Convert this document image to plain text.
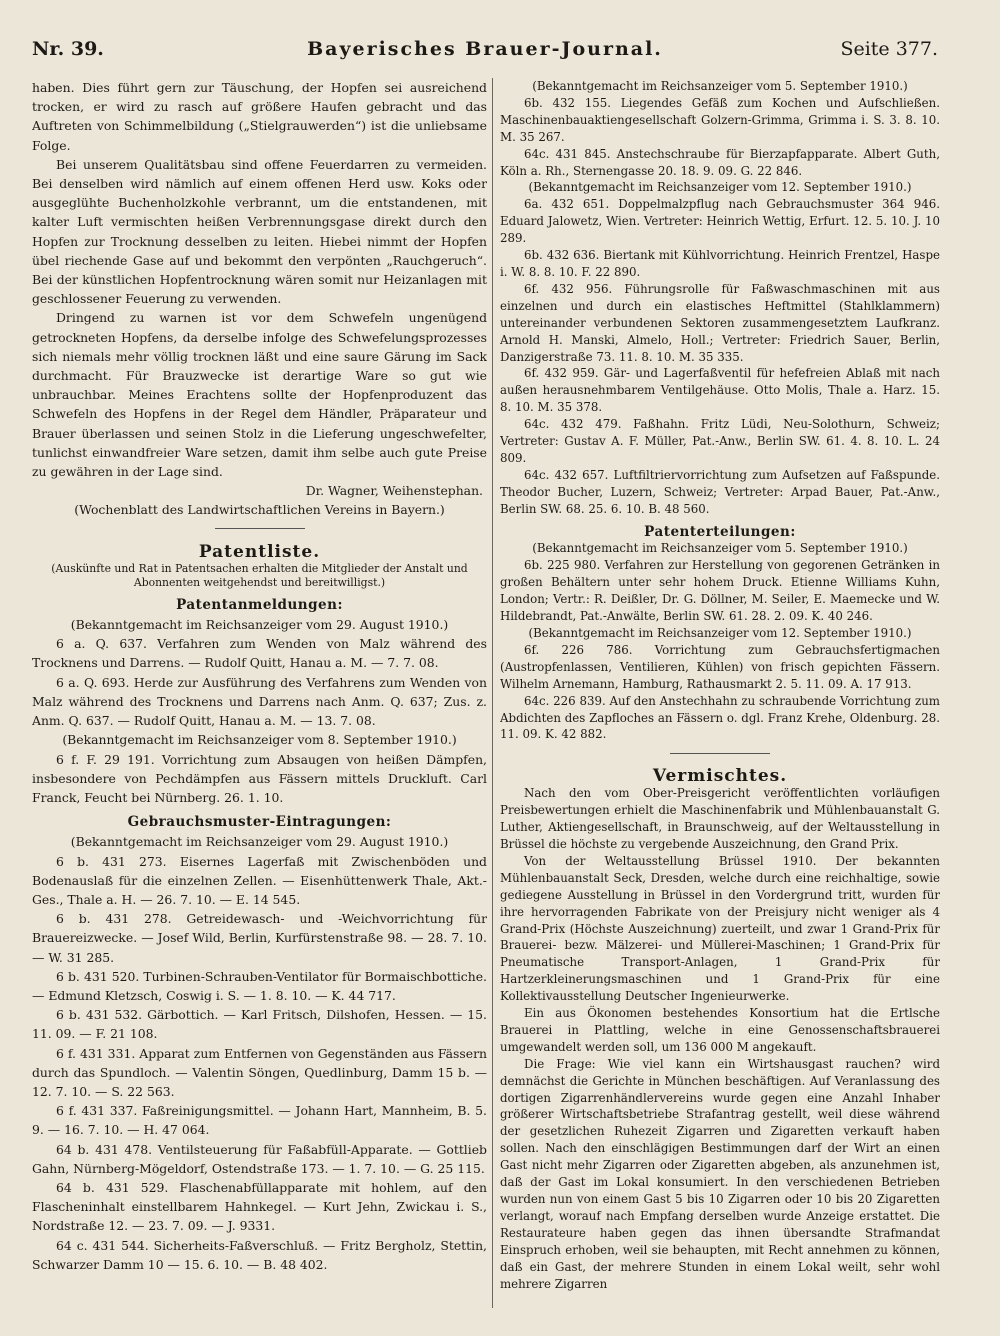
Nr. 39.	Bayerisches Brauer-Journal.	Seite 377.

haben. Dies führt gern zur Täuschung, der Hopfen sei ausreichend trocken, er wird zu rasch auf größere Haufen gebracht und das Auftreten von Schimmelbildung („Stielgrauwerden“) ist die unliebsame Folge.

Bei unserem Qualitätsbau sind offene Feuerdarren zu vermeiden. Bei denselben wird nämlich auf einem offenen Herd usw. Koks oder ausgeglühte Buchenholzkohle verbrannt, um die entstandenen, mit kalter Luft vermischten heißen Verbrennungsgase direkt durch den Hopfen zur Trocknung desselben zu leiten. Hiebei nimmt der Hopfen übel riechende Gase auf und bekommt den verpönten „Rauchgeruch“. Bei der künstlichen Hopfentrocknung wären somit nur Heizanlagen mit geschlossener Feuerung zu verwenden.

Dringend zu warnen ist vor dem Schwefeln ungenügend getrockneten Hopfens, da derselbe infolge des Schwefelungsprozesses sich niemals mehr völlig trocknen läßt und eine saure Gärung im Sack durchmacht. Für Brauzwecke ist derartige Ware so gut wie unbrauchbar. Meines Erachtens sollte der Hopfenproduzent das Schwefeln des Hopfens in der Regel dem Händler, Präparateur und Brauer überlassen und seinen Stolz in die Lieferung ungeschwefelter, tunlichst einwandfreier Ware setzen, damit ihm selbe auch gute Preise zu gewähren in der Lage sind.

Dr. Wagner, Weihenstephan.

(Wochenblatt des Landwirtschaftlichen Vereins in Bayern.)

Patentliste.

(Auskünfte und Rat in Patentsachen erhalten die Mitglieder der Anstalt und Abonnenten weitgehendst und bereitwilligst.)

Patentanmeldungen:

(Bekanntgemacht im Reichsanzeiger vom 29. August 1910.)

6 a. Q. 637. Verfahren zum Wenden von Malz während des Trocknens und Darrens. — Rudolf Quitt, Hanau a. M. — 7. 7. 08.

6 a. Q. 693. Herde zur Ausführung des Verfahrens zum Wenden von Malz während des Trocknens und Darrens nach Anm. Q. 637; Zus. z. Anm. Q. 637. — Rudolf Quitt, Hanau a. M. — 13. 7. 08.

(Bekanntgemacht im Reichsanzeiger vom 8. September 1910.)

6 f. F. 29 191. Vorrichtung zum Absaugen von heißen Dämpfen, insbesondere von Pechdämpfen aus Fässern mittels Druckluft. Carl Franck, Feucht bei Nürnberg. 26. 1. 10.

Gebrauchsmuster-Eintragungen:

(Bekanntgemacht im Reichsanzeiger vom 29. August 1910.)

6 b. 431 273. Eisernes Lagerfaß mit Zwischenböden und Bodenauslaß für die einzelnen Zellen. — Eisenhüttenwerk Thale, Akt.-Ges., Thale a. H. — 26. 7. 10. — E. 14 545.

6 b. 431 278. Getreidewasch- und -Weichvorrichtung für Brauereizwecke. — Josef Wild, Berlin, Kurfürstenstraße 98. — 28. 7. 10. — W. 31 285.

6 b. 431 520. Turbinen-Schrauben-Ventilator für Bormaischbottiche. — Edmund Kletzsch, Coswig i. S. — 1. 8. 10. — K. 44 717.

6 b. 431 532. Gärbottich. — Karl Fritsch, Dilshofen, Hessen. — 15. 11. 09. — F. 21 108.

6 f. 431 331. Apparat zum Entfernen von Gegenständen aus Fässern durch das Spundloch. — Valentin Söngen, Quedlinburg, Damm 15 b. — 12. 7. 10. — S. 22 563.

6 f. 431 337. Faßreinigungsmittel. — Johann Hart, Mannheim, B. 5. 9. — 16. 7. 10. — H. 47 064.

64 b. 431 478. Ventilsteuerung für Faßabfüll-Apparate. — Gottlieb Gahn, Nürnberg-Mögeldorf, Ostendstraße 173. — 1. 7. 10. — G. 25 115.

64 b. 431 529. Flaschenabfüllapparate mit hohlem, auf den Flascheninhalt einstellbarem Hahnkegel. — Kurt Jehn, Zwickau i. S., Nordstraße 12. — 23. 7. 09. — J. 9331.

64 c. 431 544. Sicherheits-Faßverschluß. — Fritz Bergholz, Stettin, Schwarzer Damm 10 — 15. 6. 10. — B. 48 402.

(Bekanntgemacht im Reichsanzeiger vom 5. September 1910.)

6b. 432 155. Liegendes Gefäß zum Kochen und Aufschließen. Maschinenbauaktiengesellschaft Golzern-Grimma, Grimma i. S. 3. 8. 10. M. 35 267.

64c. 431 845. Anstechschraube für Bierzapfapparate. Albert Guth, Köln a. Rh., Sternengasse 20. 18. 9. 09. G. 22 846.

(Bekanntgemacht im Reichsanzeiger vom 12. September 1910.)

6a. 432 651. Doppelmalzpflug nach Gebrauchsmuster 364 946. Eduard Jalowetz, Wien. Vertreter: Heinrich Wettig, Erfurt. 12. 5. 10. J. 10 289.

6b. 432 636. Biertank mit Kühlvorrichtung. Heinrich Frentzel, Haspe i. W. 8. 8. 10. F. 22 890.

6f. 432 956. Führungsrolle für Faßwaschmaschinen mit aus einzelnen und durch ein elastisches Heftmittel (Stahlklammern) untereinander verbundenen Sektoren zusammengesetztem Laufkranz. Arnold H. Manski, Almelo, Holl.; Vertreter: Friedrich Sauer, Berlin, Danzigerstraße 73. 11. 8. 10. M. 35 335.

6f. 432 959. Gär- und Lagerfaßventil für hefefreien Ablaß mit nach außen herausnehmbarem Ventilgehäuse. Otto Molis, Thale a. Harz. 15. 8. 10. M. 35 378.

64c. 432 479. Faßhahn. Fritz Lüdi, Neu-Solothurn, Schweiz; Vertreter: Gustav A. F. Müller, Pat.-Anw., Berlin SW. 61. 4. 8. 10. L. 24 809.

64c. 432 657. Luftfiltriervorrichtung zum Aufsetzen auf Faßspunde. Theodor Bucher, Luzern, Schweiz; Vertreter: Arpad Bauer, Pat.-Anw., Berlin SW. 68. 25. 6. 10. B. 48 560.

Patenterteilungen:

(Bekanntgemacht im Reichsanzeiger vom 5. September 1910.)

6b. 225 980. Verfahren zur Herstellung von gegorenen Getränken in großen Behältern unter sehr hohem Druck. Etienne Williams Kuhn, London; Vertr.: R. Deißler, Dr. G. Döllner, M. Seiler, E. Maemecke und W. Hildebrandt, Pat.-Anwälte, Berlin SW. 61. 28. 2. 09. K. 40 246.

(Bekanntgemacht im Reichsanzeiger vom 12. September 1910.)

6f. 226 786. Vorrichtung zum Gebrauchsfertigmachen (Austropfenlassen, Ventilieren, Kühlen) von frisch gepichten Fässern. Wilhelm Arnemann, Hamburg, Rathausmarkt 2. 5. 11. 09. A. 17 913.

64c. 226 839. Auf den Anstechhahn zu schraubende Vorrichtung zum Abdichten des Zapfloches an Fässern o. dgl. Franz Krehe, Oldenburg. 28. 11. 09. K. 42 882.

Vermischtes.

Nach den vom Ober-Preisgericht veröffentlichten vorläufigen Preisbewertungen erhielt die Maschinenfabrik und Mühlenbauanstalt G. Luther, Aktiengesellschaft, in Braunschweig, auf der Weltausstellung in Brüssel die höchste zu vergebende Auszeichnung, den Grand Prix.

Von der Weltausstellung Brüssel 1910. Der bekannten Mühlenbauanstalt Seck, Dresden, welche durch eine reichhaltige, sowie gediegene Ausstellung in Brüssel in den Vordergrund tritt, wurden für ihre hervorragenden Fabrikate von der Preisjury nicht weniger als 4 Grand-Prix (Höchste Auszeichnung) zuerteilt, und zwar 1 Grand-Prix für Brauerei- bezw. Mälzerei- und Müllerei-Maschinen; 1 Grand-Prix für Pneumatische Transport-Anlagen, 1 Grand-Prix für Hartzerkleinerungsmaschinen und 1 Grand-Prix für eine Kollektivausstellung Deutscher Ingenieurwerke.

Ein aus Ökonomen bestehendes Konsortium hat die Ertlsche Brauerei in Plattling, welche in eine Genossenschaftsbrauerei umgewandelt werden soll, um 136 000 M angekauft.

Die Frage: Wie viel kann ein Wirtshausgast rauchen? wird demnächst die Gerichte in München beschäftigen. Auf Veranlassung des dortigen Zigarrenhändlervereins wurde gegen eine Anzahl Inhaber größerer Wirtschaftsbetriebe Strafantrag gestellt, weil diese während der gesetzlichen Ruhezeit Zigarren und Zigaretten verkauft haben sollen. Nach den einschlägigen Bestimmungen darf der Wirt an einen Gast nicht mehr Zigarren oder Zigaretten abgeben, als anzunehmen ist, daß der Gast im Lokal konsumiert. In den verschiedenen Betrieben wurden nun von einem Gast 5 bis 10 Zigarren oder 10 bis 20 Zigaretten verlangt, worauf nach Empfang derselben wurde Anzeige erstattet. Die Restaurateure haben gegen das ihnen übersandte Strafmandat Einspruch erhoben, weil sie behaupten, mit Recht annehmen zu können, daß ein Gast, der mehrere Stunden in einem Lokal weilt, sehr wohl mehrere Zigarren
